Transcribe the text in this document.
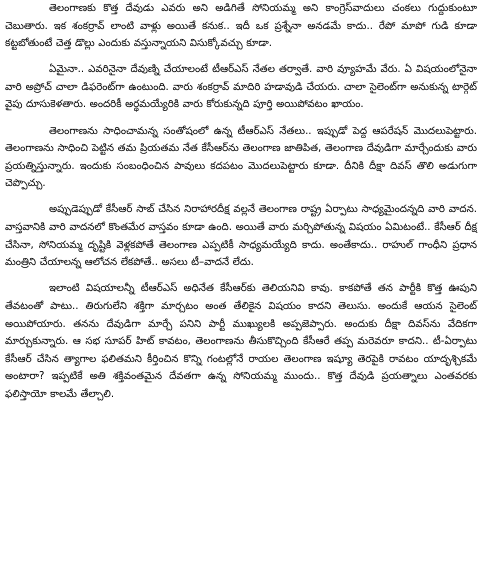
తెలంగాణకు కొత్త దేవుడు ఎవరు అని అడిగితే సోనియమ్మ అని కాంగ్రెస్‌వాదులు చంకలు గుద్దుకుంటూ చెబుతారు. ఇక శంకర్రావ్ లాంటి వాళ్లు అయితే కనుక.. ఇదీ ఒక ప్రశ్నేనా అనడమే కాదు.. రేపో మాపో గుడి కూడా కట్టబోతుంటే చెత్త డొల్లు ఎందుకు వస్తున్నాయని విసుక్కోవచ్చు కూడా.

ఏమైనా.. ఎవరినైనా దేవుణ్ని చేయాలంటే టీఆర్ఎస్ నేతల తర్వాతే. వారి వ్యూహమే వేరు. ఏ విషయంలోనైనా వారి అప్రోచ్ చాలా డిఫరెంట్‌గా ఉంటుంది. వారు శంకర్రావ్ మాదిరి హడావుడి చేయరు. చాలా సైలెంట్‌గా అనుకున్న టార్గెట్ వైపు దూసుకెళతారు. అందరికీ అర్థమయ్యేరికి వారు కోరుకున్నది పూర్తి అయిపోవటం ఖాయం.

తెలంగాణను సాధించామన్న సంతోషంలో ఉన్న టీఆర్ఎస్ నేతలు.. ఇప్పుడో పెద్ద ఆపరేషన్ మొదలుపెట్టారు. తెలంగాణను సాధించి పెట్టిన తమ ప్రియతమ నేత కేసీఆర్‌ను తెలంగాణ జాతిపిత, తెలంగాణ దేవుడిగా మార్చేందుకు వారు ప్రయత్నిస్తున్నారు. ఇందుకు సంబంధించిన పావులు కదపటం మొదలుపెట్టారు కూడా. దీనికి దీక్షా దివస్ తొలి అడుగుగా చెప్పొచ్చు.

అప్పుడెప్పుడో కేసీఆర్ సాబ్ చేసిన నిరాహారదీక్ష వల్లనే తెలంగాణ రాష్ట్ర ఏర్పాటు సాధ్యమైందన్నది వారి వాదన. వాస్తవానికి వారి వాదనలో కొంతమేర వాస్తవం కూడా ఉంది. అయితే వారు మర్చిపోతున్న విషయం ఏమిటంటే.. కేసీఆర్ దీక్ష చేసినా, సోనియమ్మ దృష్టికి వెళ్లకపోతే తెలంగాణ ఎప్పటికీ సాధ్యమయ్యేది కాదు. అంతేకాదు.. రాహుల్ గాంధీని ప్రధాన మంత్రిని చేయాలన్న ఆలోచన లేకపోతే.. అసలు టీ–వాదనే లేదు.

ఇలాంటి విషయాలన్నీ టీఆర్ఎస్ అధినేత కేసీఆర్‌కు తెలియనివి కావు. కాకపోతే తన పార్టీకి కొత్త ఊపుని తేవటంతో పాటు.. తిరుగులేని శక్తిగా మార్చటం అంత తేలికైన విషయం కాదని తెలుసు. అందుకే ఆయన సైలెంట్ అయిపోయారు. తనను దేవుడిగా మార్చే పనిని పార్టీ ముఖ్యులకి అప్పజెప్పారు. అందుకు దీక్షా దివస్‌ను వేదికగా మార్చుకున్నారు. ఆ సభ సూపర్ హిట్ కావటం, తెలంగాణను తీసుకొచ్చింది కేసీఆరే తప్ప మరెవరూ కాదని.. టీ-ఏర్పాటు కేసీఆర్ చేసిన త్యాగాల ఫలితమని కీర్తించిన కొన్ని గంటల్లోనే రాయల తెలంగాణ ఇష్యూ తెరపైకి రావటం యాదృశ్చికమే అంటారా? ఇప్పటికే అతి శక్తివంతమైన దేవతగా ఉన్న సోనియమ్మ ముందు.. కొత్త దేవుడి ప్రయత్నాలు ఎంతవరకు ఫలిస్తాయో కాలమే తేల్చాలి.
